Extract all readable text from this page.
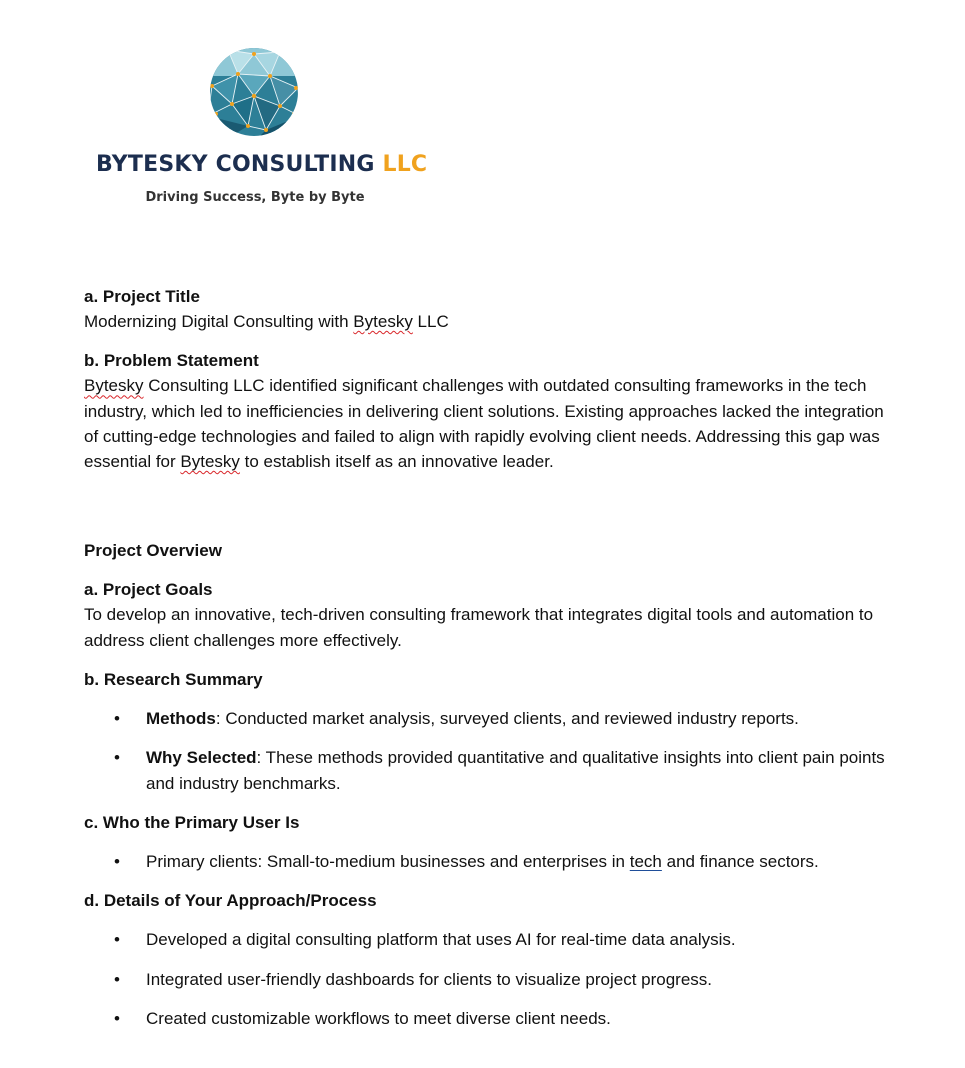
BYTESKY CONSULTING LLC
Driving Success, Byte by Byte
a. Project Title
Modernizing Digital Consulting with Bytesky LLC
b. Problem Statement
Bytesky Consulting LLC identified significant challenges with outdated consulting frameworks in the tech industry, which led to inefficiencies in delivering client solutions. Existing approaches lacked the integration of cutting-edge technologies and failed to align with rapidly evolving client needs. Addressing this gap was essential for Bytesky to establish itself as an innovative leader.
Project Overview
a. Project Goals
To develop an innovative, tech-driven consulting framework that integrates digital tools and automation to address client challenges more effectively.
b. Research Summary
• Methods: Conducted market analysis, surveyed clients, and reviewed industry reports.
• Why Selected: These methods provided quantitative and qualitative insights into client pain points and industry benchmarks.
c. Who the Primary User Is
• Primary clients: Small-to-medium businesses and enterprises in tech and finance sectors.
d. Details of Your Approach/Process
• Developed a digital consulting platform that uses AI for real-time data analysis.
• Integrated user-friendly dashboards for clients to visualize project progress.
• Created customizable workflows to meet diverse client needs.
